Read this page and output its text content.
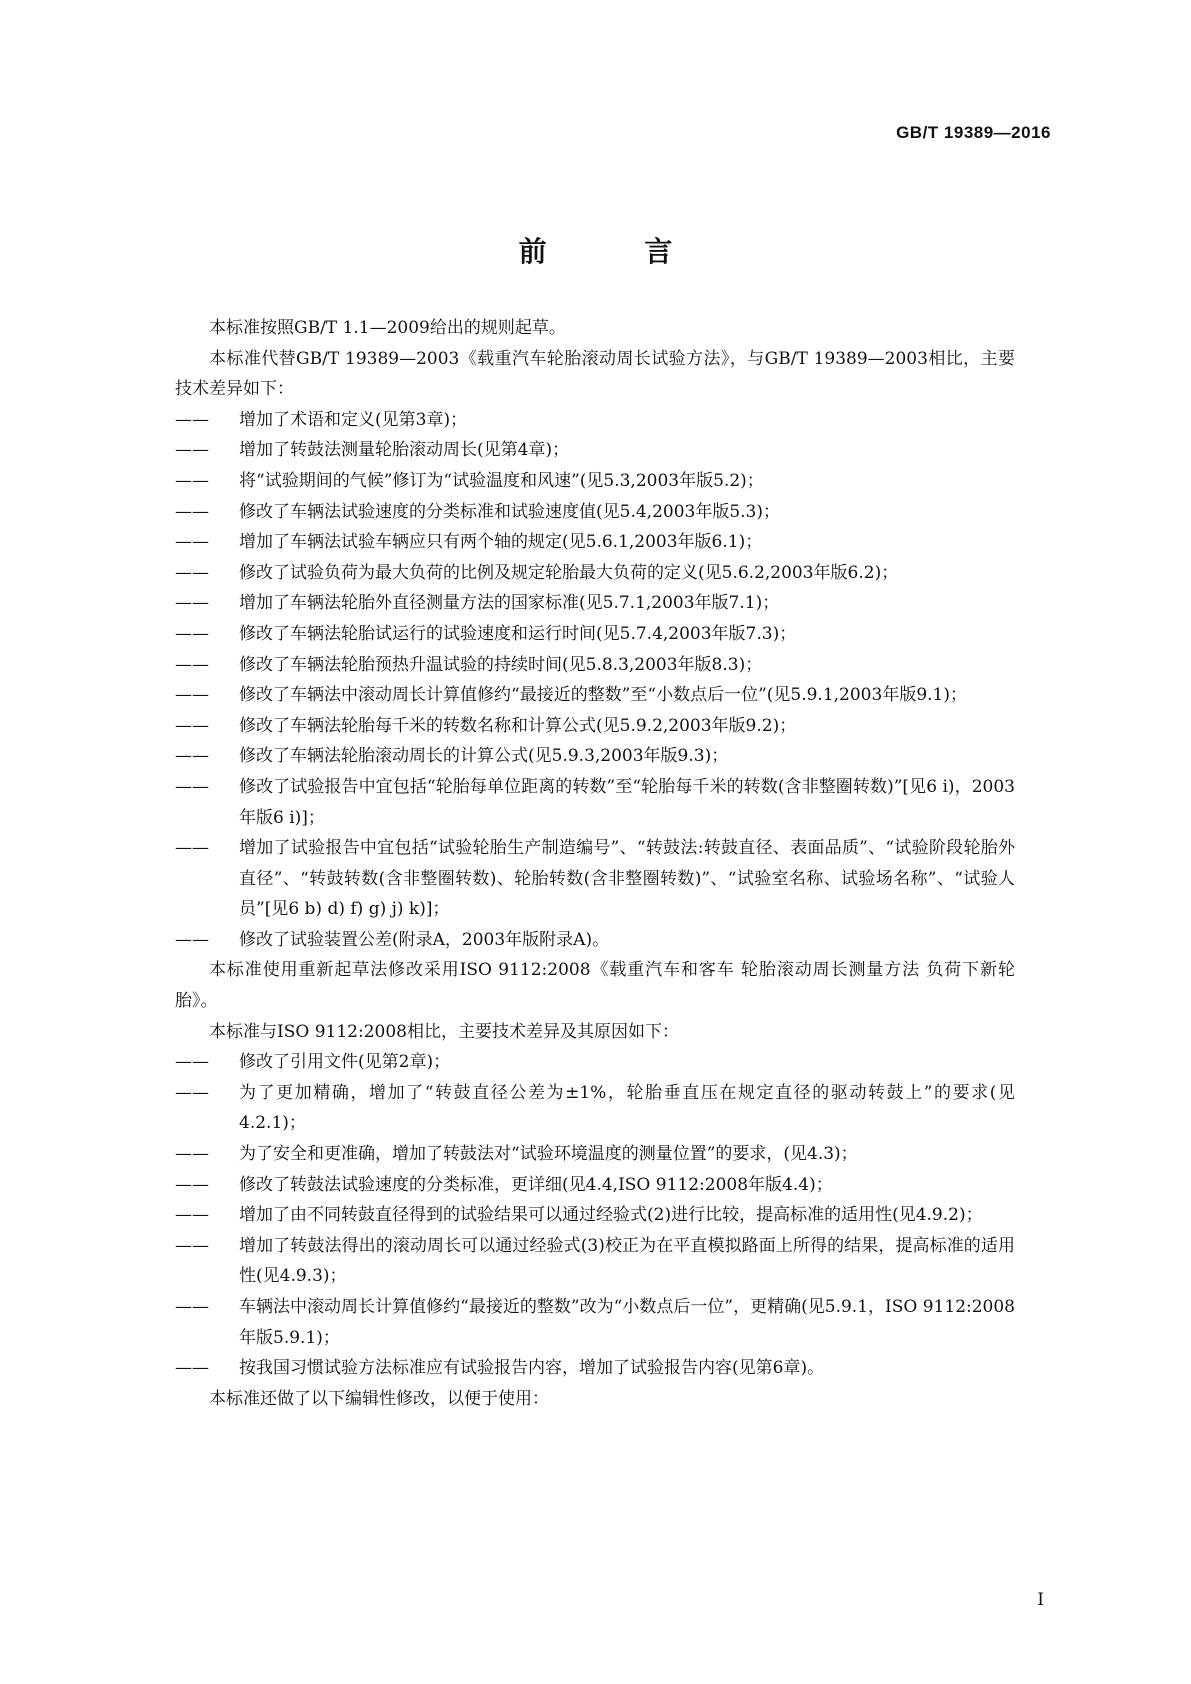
GB/T 19389—2016
前 言

本标准按照GB/T 1.1—2009给出的规则起草。

本标准代替GB/T 19389—2003《载重汽车轮胎滚动周长试验方法》，与GB/T 19389—2003相比，主要技术差异如下：

—— 增加了术语和定义(见第3章)；
—— 增加了转鼓法测量轮胎滚动周长(见第4章)；
—— 将“试验期间的气候”修订为“试验温度和风速”(见5.3,2003年版5.2)；
—— 修改了车辆法试验速度的分类标准和试验速度值(见5.4,2003年版5.3)；
—— 增加了车辆法试验车辆应只有两个轴的规定(见5.6.1,2003年版6.1)；
—— 修改了试验负荷为最大负荷的比例及规定轮胎最大负荷的定义(见5.6.2,2003年版6.2)；
—— 增加了车辆法轮胎外直径测量方法的国家标准(见5.7.1,2003年版7.1)；
—— 修改了车辆法轮胎试运行的试验速度和运行时间(见5.7.4,2003年版7.3)；
—— 修改了车辆法轮胎预热升温试验的持续时间(见5.8.3,2003年版8.3)；
—— 修改了车辆法中滚动周长计算值修约“最接近的整数”至“小数点后一位”(见5.9.1,2003年版9.1)；
—— 修改了车辆法轮胎每千米的转数名称和计算公式(见5.9.2,2003年版9.2)；
—— 修改了车辆法轮胎滚动周长的计算公式(见5.9.3,2003年版9.3)；
—— 修改了试验报告中宜包括“轮胎每单位距离的转数”至“轮胎每千米的转数(含非整圈转数)”[见6 i)，2003年版6 i)]；
—— 增加了试验报告中宜包括“试验轮胎生产制造编号”、“转鼓法:转鼓直径、表面品质”、“试验阶段轮胎外直径”、“转鼓转数(含非整圈转数)、轮胎转数(含非整圈转数)”、“试验室名称、试验场名称”、“试验人员”[见6 b) d) f) g) j) k)]；
—— 修改了试验装置公差(附录A，2003年版附录A)。

本标准使用重新起草法修改采用ISO 9112:2008《载重汽车和客车 轮胎滚动周长测量方法 负荷下新轮胎》。

本标准与ISO 9112:2008相比，主要技术差异及其原因如下：

—— 修改了引用文件(见第2章)；
—— 为了更加精确，增加了“转鼓直径公差为±1%，轮胎垂直压在规定直径的驱动转鼓上”的要求(见4.2.1)；
—— 为了安全和更准确，增加了转鼓法对“试验环境温度的测量位置”的要求，(见4.3)；
—— 修改了转鼓法试验速度的分类标准，更详细(见4.4,ISO 9112:2008年版4.4)；
—— 增加了由不同转鼓直径得到的试验结果可以通过经验式(2)进行比较，提高标准的适用性(见4.9.2)；
—— 增加了转鼓法得出的滚动周长可以通过经验式(3)校正为在平直模拟路面上所得的结果，提高标准的适用性(见4.9.3)；
—— 车辆法中滚动周长计算值修约“最接近的整数”改为“小数点后一位”，更精确(见5.9.1，ISO 9112:2008年版5.9.1)；
—— 按我国习惯试验方法标准应有试验报告内容，增加了试验报告内容(见第6章)。

本标准还做了以下编辑性修改，以便于使用：

I
